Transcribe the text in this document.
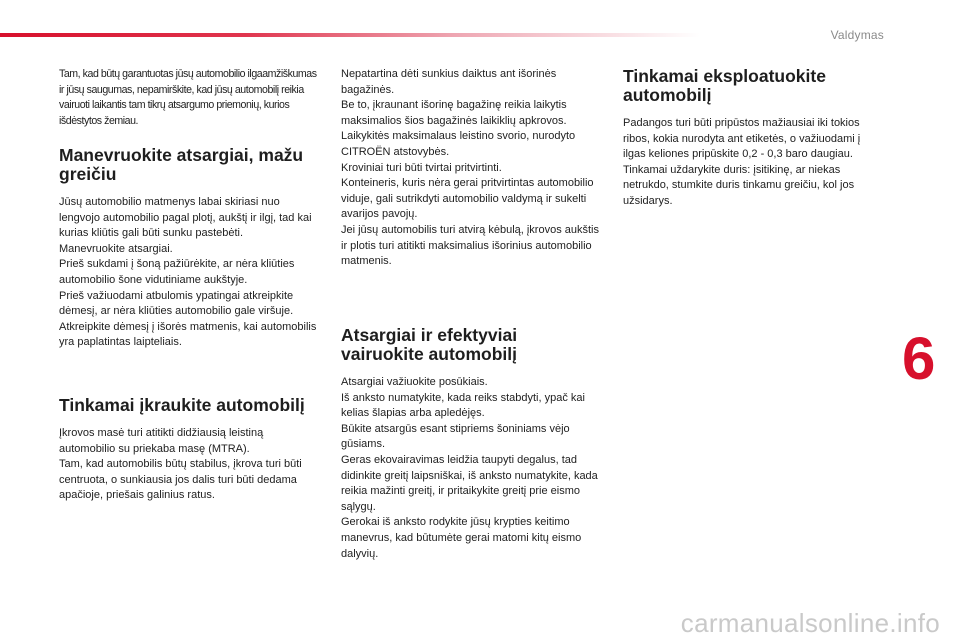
Valdymas

Tam, kad būtų garantuotas jūsų automobilio ilgaamžiškumas ir jūsų saugumas, nepamirškite, kad jūsų automobilį reikia vairuoti laikantis tam tikrų atsargumo priemonių, kurios išdėstytos žemiau.

Manevruokite atsargiai, mažu greičiu

Jūsų automobilio matmenys labai skiriasi nuo lengvojo automobilio pagal plotį, aukštį ir ilgį, tad kai kurias kliūtis gali būti sunku pastebėti.
Manevruokite atsargiai.
Prieš sukdami į šoną pažiūrėkite, ar nėra kliūties automobilio šone vidutiniame aukštyje.
Prieš važiuodami atbulomis ypatingai atkreipkite dėmesį, ar nėra kliūties automobilio gale viršuje.
Atkreipkite dėmesį į išorės matmenis, kai automobilis yra paplatintas laipteliais.

Tinkamai įkraukite automobilį

Įkrovos masė turi atitikti didžiausią leistiną automobilio su priekaba masę (MTRA).
Tam, kad automobilis būtų stabilus, įkrova turi būti centruota, o sunkiausia jos dalis turi būti dedama apačioje, priešais galinius ratus.

Nepatartina dėti sunkius daiktus ant išorinės bagažinės.
Be to, įkraunant išorinę bagažinę reikia laikytis maksimalios šios bagažinės laikiklių apkrovos.
Laikykitės maksimalaus leistino svorio, nurodyto CITROËN atstovybės.
Kroviniai turi būti tvirtai pritvirtinti.
Konteineris, kuris nėra gerai pritvirtintas automobilio viduje, gali sutrikdyti automobilio valdymą ir sukelti avarijos pavojų.
Jei jūsų automobilis turi atvirą kėbulą, įkrovos aukštis ir plotis turi atitikti maksimalius išorinius automobilio matmenis.

Atsargiai ir efektyviai vairuokite automobilį

Atsargiai važiuokite posūkiais.
Iš anksto numatykite, kada reiks stabdyti, ypač kai kelias šlapias arba apledėjęs.
Būkite atsargūs esant stipriems šoniniams vėjo gūsiams.
Geras ekovairavimas leidžia taupyti degalus, tad didinkite greitį laipsniškai, iš anksto numatykite, kada reikia mažinti greitį, ir pritaikykite greitį prie eismo sąlygų.
Gerokai iš anksto rodykite jūsų krypties keitimo manevrus, kad būtumėte gerai matomi kitų eismo dalyvių.

Tinkamai eksploatuokite automobilį

Padangos turi būti pripūstos mažiausiai iki tokios ribos, kokia nurodyta ant etiketės, o važiuodami į ilgas keliones pripūskite 0,2 - 0,3 baro daugiau.
Tinkamai uždarykite duris: įsitikinę, ar niekas netrukdo, stumkite duris tinkamu greičiu, kol jos užsidarys.

6
carmanualsonline.info
